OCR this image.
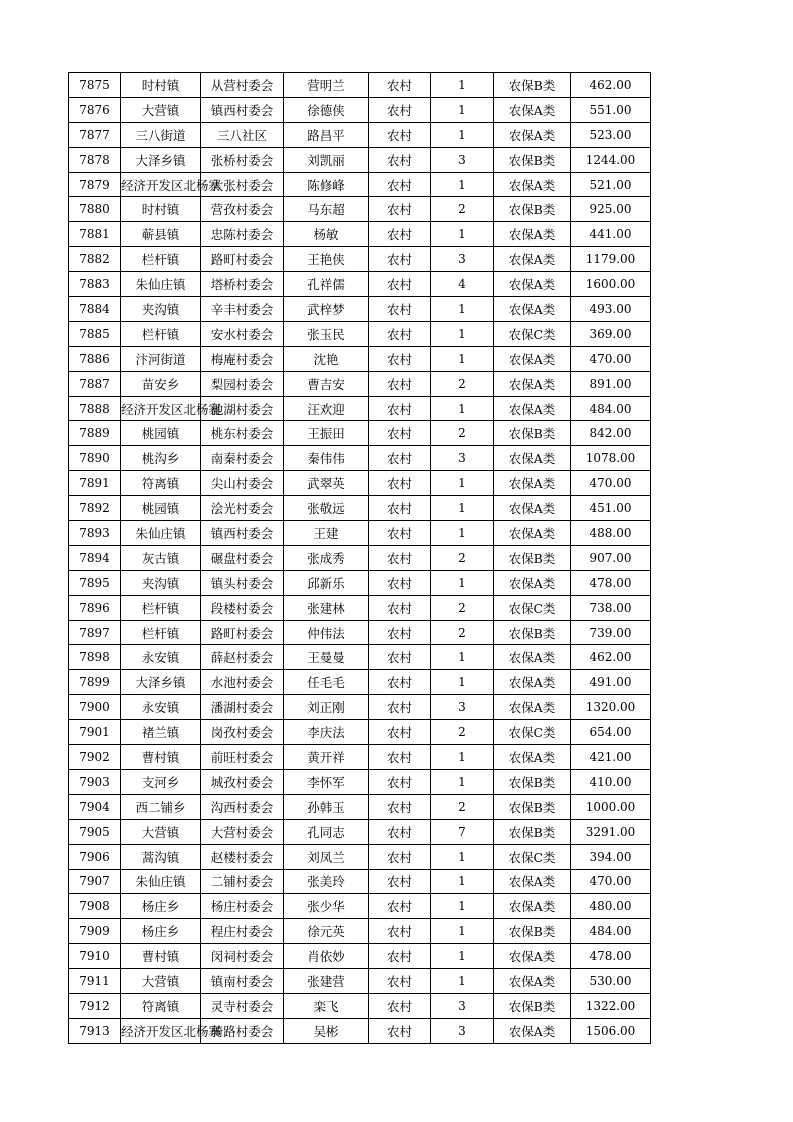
7875	时村镇	从营村委会	营明兰	农村	1	农保B类	462.00
7876	大营镇	镇西村委会	徐德侠	农村	1	农保A类	551.00
7877	三八街道	三八社区	路昌平	农村	1	农保A类	523.00
7878	大泽乡镇	张桥村委会	刘凯丽	农村	3	农保B类	1244.00
7879	经济开发区北杨寨	大张村委会	陈修峰	农村	1	农保A类	521.00
7880	时村镇	营孜村委会	马东超	农村	2	农保B类	925.00
7881	蕲县镇	忠陈村委会	杨敏	农村	1	农保A类	441.00
7882	栏杆镇	路町村委会	王艳侠	农村	3	农保A类	1179.00
7883	朱仙庄镇	塔桥村委会	孔祥儒	农村	4	农保A类	1600.00
7884	夹沟镇	辛丰村委会	武梓梦	农村	1	农保A类	493.00
7885	栏杆镇	安水村委会	张玉民	农村	1	农保C类	369.00
7886	汴河街道	梅庵村委会	沈艳	农村	1	农保A类	470.00
7887	苗安乡	梨园村委会	曹吉安	农村	2	农保A类	891.00
7888	经济开发区北杨寨	池湖村委会	汪欢迎	农村	1	农保A类	484.00
7889	桃园镇	桃东村委会	王振田	农村	2	农保B类	842.00
7890	桃沟乡	南秦村委会	秦伟伟	农村	3	农保A类	1078.00
7891	符离镇	尖山村委会	武翠英	农村	1	农保A类	470.00
7892	桃园镇	浍光村委会	张敬远	农村	1	农保A类	451.00
7893	朱仙庄镇	镇西村委会	王建	农村	1	农保A类	488.00
7894	灰古镇	碾盘村委会	张成秀	农村	2	农保B类	907.00
7895	夹沟镇	镇头村委会	邱新乐	农村	1	农保A类	478.00
7896	栏杆镇	段楼村委会	张建林	农村	2	农保C类	738.00
7897	栏杆镇	路町村委会	仲伟法	农村	2	农保B类	739.00
7898	永安镇	薛赵村委会	王曼曼	农村	1	农保A类	462.00
7899	大泽乡镇	水池村委会	任毛毛	农村	1	农保A类	491.00
7900	永安镇	潘湖村委会	刘正刚	农村	3	农保A类	1320.00
7901	褚兰镇	岗孜村委会	李庆法	农村	2	农保C类	654.00
7902	曹村镇	前旺村委会	黄开祥	农村	1	农保A类	421.00
7903	支河乡	城孜村委会	李怀军	农村	1	农保B类	410.00
7904	西二铺乡	沟西村委会	孙韩玉	农村	2	农保B类	1000.00
7905	大营镇	大营村委会	孔同志	农村	7	农保B类	3291.00
7906	蒿沟镇	赵楼村委会	刘凤兰	农村	1	农保C类	394.00
7907	朱仙庄镇	二铺村委会	张美玲	农村	1	农保A类	470.00
7908	杨庄乡	杨庄村委会	张少华	农村	1	农保A类	480.00
7909	杨庄乡	程庄村委会	徐元英	农村	1	农保B类	484.00
7910	曹村镇	闵祠村委会	肖依妙	农村	1	农保A类	478.00
7911	大营镇	镇南村委会	张建营	农村	1	农保A类	530.00
7912	符离镇	灵寺村委会	栾飞	农村	3	农保B类	1322.00
7913	经济开发区北杨寨	骑路村委会	吴彬	农村	3	农保A类	1506.00
